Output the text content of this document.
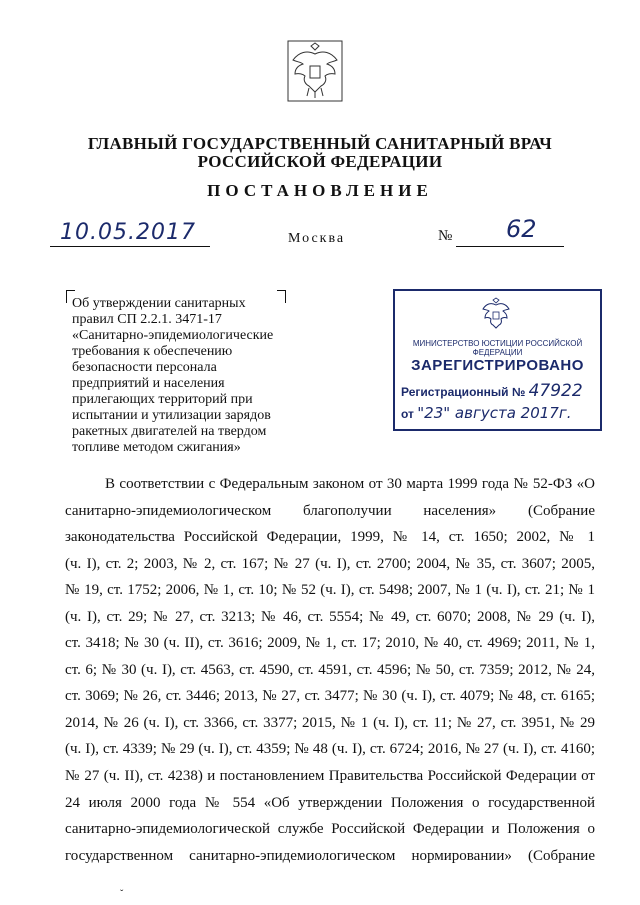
ГЛАВНЫЙ ГОСУДАРСТВЕННЫЙ САНИТАРНЫЙ ВРАЧ
РОССИЙСКОЙ ФЕДЕРАЦИИ
ПОСТАНОВЛЕНИЕ
10.05.2017	Москва	№ 62
Об утверждении санитарных
правил СП 2.2.1. 3471-17
«Санитарно-эпидемиологические
требования к обеспечению
безопасности персонала
предприятий и населения
прилегающих территорий при
испытании и утилизации зарядов
ракетных двигателей на твердом
топливе методом сжигания»
МИНИСТЕРСТВО ЮСТИЦИИ РОССИЙСКОЙ ФЕДЕРАЦИИ
ЗАРЕГИСТРИРОВАНО
Регистрационный № 47922
от "23" августа 2017г.
В соответствии с Федеральным законом от 30 марта 1999 года № 52-ФЗ «О
санитарно-эпидемиологическом благополучии населения» (Собрание
законодательства Российской Федерации, 1999, № 14, ст. 1650; 2002, № 1
(ч. I), ст. 2; 2003, № 2, ст. 167; № 27 (ч. I), ст. 2700; 2004, № 35, ст. 3607; 2005,
№ 19, ст. 1752; 2006, № 1, ст. 10; № 52 (ч. I), ст. 5498; 2007, № 1 (ч. I), ст. 21; № 1
(ч. I), ст. 29; № 27, ст. 3213; № 46, ст. 5554; № 49, ст. 6070; 2008, № 29 (ч. I),
ст. 3418; № 30 (ч. II), ст. 3616; 2009, № 1, ст. 17; 2010, № 40, ст. 4969; 2011, № 1,
ст. 6; № 30 (ч. I), ст. 4563, ст. 4590, ст. 4591, ст. 4596; № 50, ст. 7359; 2012, № 24,
ст. 3069; № 26, ст. 3446; 2013, № 27, ст. 3477; № 30 (ч. I), ст. 4079; № 48, ст. 6165;
2014, № 26 (ч. I), ст. 3366, ст. 3377; 2015, № 1 (ч. I), ст. 11; № 27, ст. 3951, № 29
(ч. I), ст. 4339; № 29 (ч. I), ст. 4359; № 48 (ч. I), ст. 6724; 2016, № 27 (ч. I), ст. 4160;
№ 27 (ч. II), ст. 4238) и постановлением Правительства Российской Федерации от
24 июля 2000 года № 554 «Об утверждении Положения о государственной
санитарно-эпидемиологической службе Российской Федерации и Положения о
государственном санитарно-эпидемиологическом нормировании» (Собрание
ˇ
